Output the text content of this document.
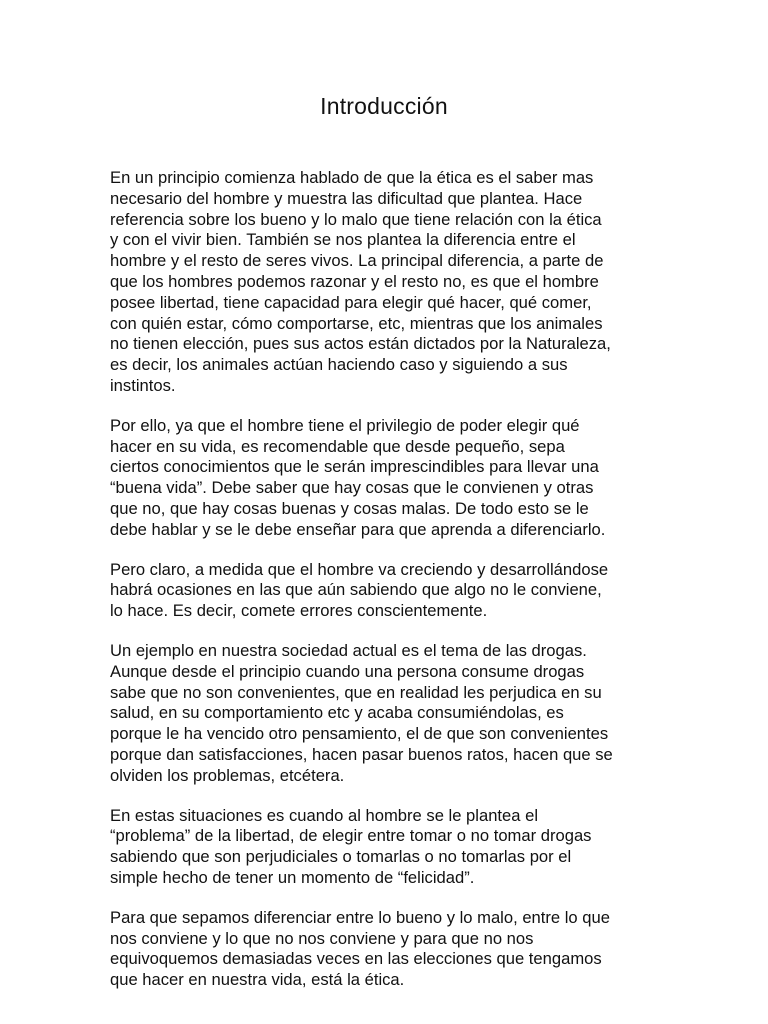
Introducción

En un principio comienza hablado de que la ética es el saber mas
necesario del hombre y muestra las dificultad que plantea. Hace
referencia sobre los bueno y lo malo que tiene relación con la ética
y con el vivir bien. También se nos plantea la diferencia entre el
hombre y el resto de seres vivos. La principal diferencia, a parte de
que los hombres podemos razonar y el resto no, es que el hombre
posee libertad, tiene capacidad para elegir qué hacer, qué comer,
con quién estar, cómo comportarse, etc, mientras que los animales
no tienen elección, pues sus actos están dictados por la Naturaleza,
es decir, los animales actúan haciendo caso y siguiendo a sus
instintos.

Por ello, ya que el hombre tiene el privilegio de poder elegir qué
hacer en su vida, es recomendable que desde pequeño, sepa
ciertos conocimientos que le serán imprescindibles para llevar una
“buena vida”. Debe saber que hay cosas que le convienen y otras
que no, que hay cosas buenas y cosas malas. De todo esto se le
debe hablar y se le debe enseñar para que aprenda a diferenciarlo.

Pero claro, a medida que el hombre va creciendo y desarrollándose
habrá ocasiones en las que aún sabiendo que algo no le conviene,
lo hace. Es decir, comete errores conscientemente.

Un ejemplo en nuestra sociedad actual es el tema de las drogas.
Aunque desde el principio cuando una persona consume drogas
sabe que no son convenientes, que en realidad les perjudica en su
salud, en su comportamiento etc y acaba consumiéndolas, es
porque le ha vencido otro pensamiento, el de que son convenientes
porque dan satisfacciones, hacen pasar buenos ratos, hacen que se
olviden los problemas, etcétera.

En estas situaciones es cuando al hombre se le plantea el
“problema” de la libertad, de elegir entre tomar o no tomar drogas
sabiendo que son perjudiciales o tomarlas o no tomarlas por el
simple hecho de tener un momento de “felicidad”.

Para que sepamos diferenciar entre lo bueno y lo malo, entre lo que
nos conviene y lo que no nos conviene y para que no nos
equivoquemos demasiadas veces en las elecciones que tengamos
que hacer en nuestra vida, está la ética.
